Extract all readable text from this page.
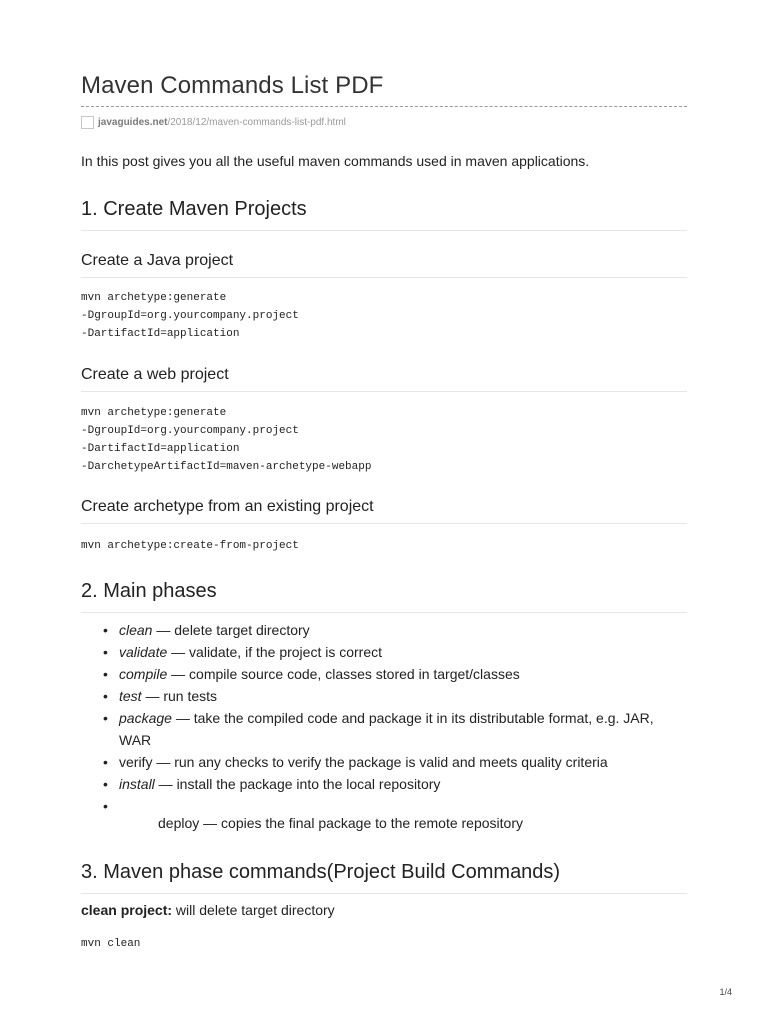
Maven Commands List PDF
javaguides.net /2018/12/maven-commands-list-pdf.html

In this post gives you all the useful maven commands used in maven applications.

1. Create Maven Projects
Create a Java project
mvn archetype:generate
-DgroupId=org.yourcompany.project
-DartifactId=application
Create a web project
mvn archetype:generate
-DgroupId=org.yourcompany.project
-DartifactId=application
-DarchetypeArtifactId=maven-archetype-webapp
Create archetype from an existing project
mvn archetype:create-from-project
2. Main phases
• clean — delete target directory
• validate — validate, if the project is correct
• compile — compile source code, classes stored in target/classes
• test — run tests
• package — take the compiled code and package it in its distributable format, e.g. JAR, WAR
• verify — run any checks to verify the package is valid and meets quality criteria
• install — install the package into the local repository
•
deploy — copies the final package to the remote repository
3. Maven phase commands(Project Build Commands)

clean project: will delete target directory

mvn clean
1/4
